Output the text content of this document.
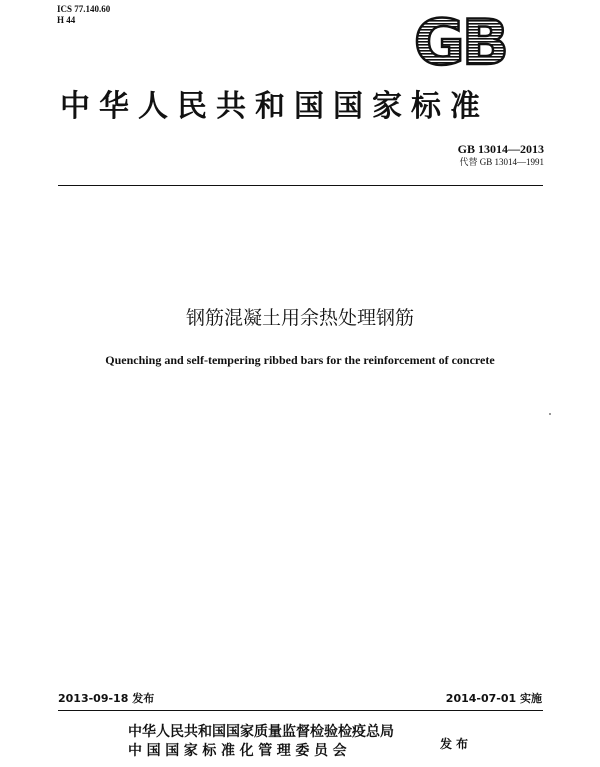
ICS 77.140.60
H 44	GB
中华人民共和国国家标准
GB 13014—2013
代替 GB 13014—1991
钢筋混凝土用余热处理钢筋
Quenching and self-tempering ribbed bars for the reinforcement of concrete
2013-09-18 发布	2014-07-01 实施
中华人民共和国国家质量监督检验检疫总局
中国国家标准化管理委员会	发布
